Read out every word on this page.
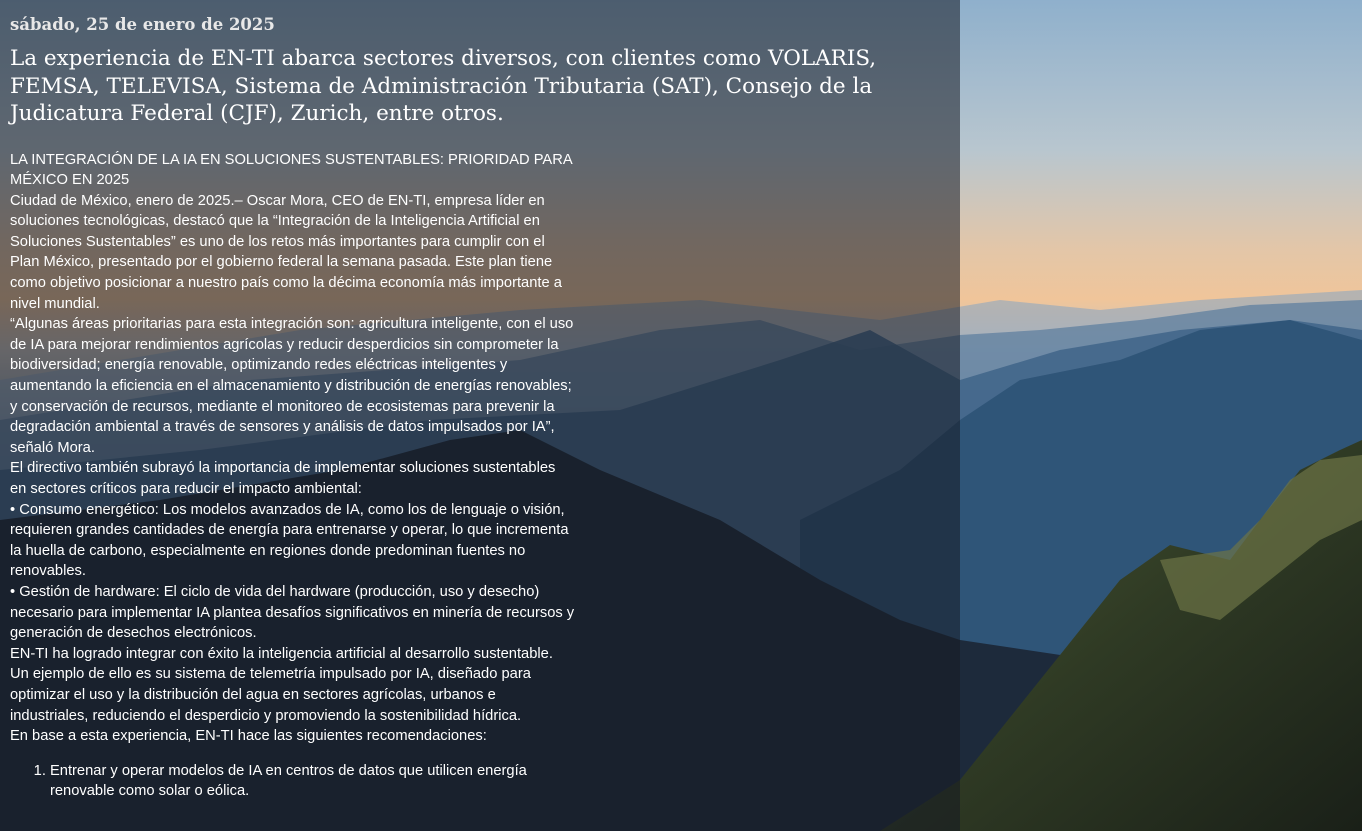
sábado, 25 de enero de 2025
La experiencia de EN-TI abarca sectores diversos, con clientes como VOLARIS, FEMSA, TELEVISA, Sistema de Administración Tributaria (SAT), Consejo de la Judicatura Federal (CJF), Zurich, entre otros.

LA INTEGRACIÓN DE LA IA EN SOLUCIONES SUSTENTABLES: PRIORIDAD PARA MÉXICO EN 2025

Ciudad de México, enero de 2025.– Oscar Mora, CEO de EN-TI, empresa líder en soluciones tecnológicas, destacó que la “Integración de la Inteligencia Artificial en Soluciones Sustentables” es uno de los retos más importantes para cumplir con el Plan México, presentado por el gobierno federal la semana pasada. Este plan tiene como objetivo posicionar a nuestro país como la décima economía más importante a nivel mundial.

“Algunas áreas prioritarias para esta integración son: agricultura inteligente, con el uso de IA para mejorar rendimientos agrícolas y reducir desperdicios sin comprometer la biodiversidad; energía renovable, optimizando redes eléctricas inteligentes y aumentando la eficiencia en el almacenamiento y distribución de energías renovables; y conservación de recursos, mediante el monitoreo de ecosistemas para prevenir la degradación ambiental a través de sensores y análisis de datos impulsados por IA”, señaló Mora.

El directivo también subrayó la importancia de implementar soluciones sustentables en sectores críticos para reducir el impacto ambiental:

• Consumo energético: Los modelos avanzados de IA, como los de lenguaje o visión, requieren grandes cantidades de energía para entrenarse y operar, lo que incrementa la huella de carbono, especialmente en regiones donde predominan fuentes no renovables.

• Gestión de hardware: El ciclo de vida del hardware (producción, uso y desecho) necesario para implementar IA plantea desafíos significativos en minería de recursos y generación de desechos electrónicos.

EN-TI ha logrado integrar con éxito la inteligencia artificial al desarrollo sustentable. Un ejemplo de ello es su sistema de telemetría impulsado por IA, diseñado para optimizar el uso y la distribución del agua en sectores agrícolas, urbanos e industriales, reduciendo el desperdicio y promoviendo la sostenibilidad hídrica.

En base a esta experiencia, EN-TI hace las siguientes recomendaciones:

1. Entrenar y operar modelos de IA en centros de datos que utilicen energía renovable como solar o eólica.
